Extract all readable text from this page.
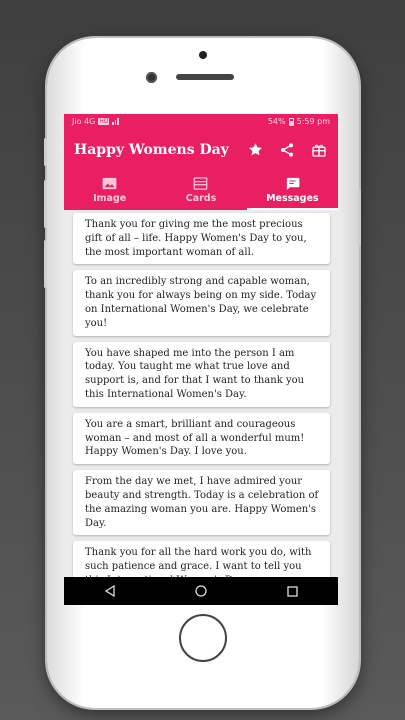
Jio 4G HD	54% 5:59 pm
Happy Womens Day
Image	Cards	Messages
Thank you for giving me the most precious gift of all – life. Happy Women's Day to you, the most important woman of all.
To an incredibly strong and capable woman, thank you for always being on my side. Today on International Women's Day, we celebrate you!
You have shaped me into the person I am today. You taught me what true love and support is, and for that I want to thank you this International Women's Day.
You are a smart, brilliant and courageous woman – and most of all a wonderful mum! Happy Women's Day. I love you.
From the day we met, I have admired your beauty and strength. Today is a celebration of the amazing woman you are. Happy Women's Day.
Thank you for all the hard work you do, with such patience and grace. I want to tell you
